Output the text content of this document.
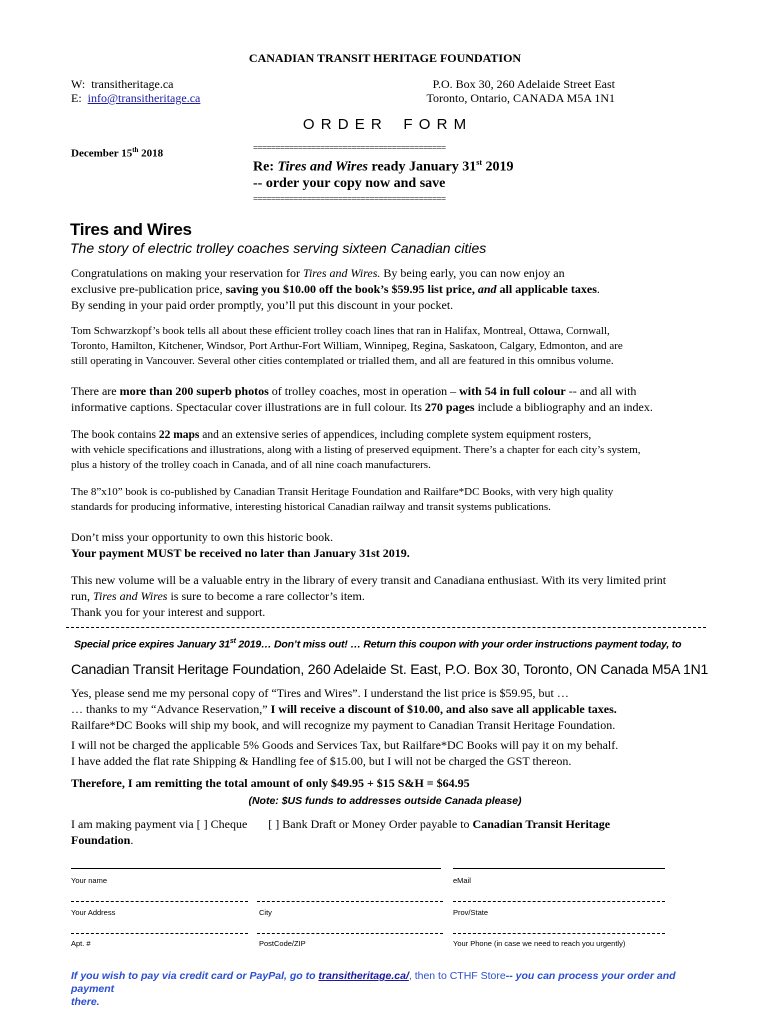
CANADIAN TRANSIT HERITAGE FOUNDATION
W: transitheritage.ca
E: info@transitheritage.ca
P.O. Box 30, 260 Adelaide Street East
Toronto, Ontario, CANADA M5A 1N1
O R D E R    F O R M
December 15th 2018	===========================================
Re: Tires and Wires ready January 31st 2019
-- order your copy now and save
===========================================
Tires and Wires
The story of electric trolley coaches serving sixteen Canadian cities
Congratulations on making your reservation for Tires and Wires. By being early, you can now enjoy an
exclusive pre-publication price, saving you $10.00 off the book’s $59.95 list price, and all applicable taxes.
By sending in your paid order promptly, you’ll put this discount in your pocket.
Tom Schwarzkopf’s book tells all about these efficient trolley coach lines that ran in Halifax, Montreal, Ottawa, Cornwall,
Toronto, Hamilton, Kitchener, Windsor, Port Arthur-Fort William, Winnipeg, Regina, Saskatoon, Calgary, Edmonton, and are
still operating in Vancouver. Several other cities contemplated or trialled them, and all are featured in this omnibus volume.
There are more than 200 superb photos of trolley coaches, most in operation – with 54 in full colour -- and all with
informative captions. Spectacular cover illustrations are in full colour. Its 270 pages include a bibliography and an index.
The book contains 22 maps and an extensive series of appendices, including complete system equipment rosters,
with vehicle specifications and illustrations, along with a listing of preserved equipment. There’s a chapter for each city’s system,
plus a history of the trolley coach in Canada, and of all nine coach manufacturers.
The 8”x10” book is co-published by Canadian Transit Heritage Foundation and Railfare*DC Books, with very high quality
standards for producing informative, interesting historical Canadian railway and transit systems publications.
Don’t miss your opportunity to own this historic book.
Your payment MUST be received no later than January 31st 2019.
This new volume will be a valuable entry in the library of every transit and Canadiana enthusiast. With its very limited print
run, Tires and Wires is sure to become a rare collector’s item.
Thank you for your interest and support.
Special price expires January 31st 2019… Don’t miss out! … Return this coupon with your order instructions payment today, to
Canadian Transit Heritage Foundation, 260 Adelaide St. East, P.O. Box 30, Toronto, ON Canada M5A 1N1
Yes, please send me my personal copy of “Tires and Wires”. I understand the list price is $59.95, but …
… thanks to my “Advance Reservation,” I will receive a discount of $10.00, and also save all applicable taxes.
Railfare*DC Books will ship my book, and will recognize my payment to Canadian Transit Heritage Foundation.
I will not be charged the applicable 5% Goods and Services Tax, but Railfare*DC Books will pay it on my behalf.
I have added the flat rate Shipping & Handling fee of $15.00, but I will not be charged the GST thereon.
Therefore, I am remitting the total amount of only $49.95 + $15 S&H = $64.95
(Note: $US funds to addresses outside Canada please)
I am making payment via [ ] Cheque [ ] Bank Draft or Money Order payable to Canadian Transit Heritage
Foundation.
Your name	eMail
Your Address	City	Prov/State
Apt. #	PostCode/ZIP	Your Phone (in case we need to reach you urgently)
If you wish to pay via credit card or PayPal, go to transitheritage.ca/, then to CTHF Store-- you can process your order and payment
there.
